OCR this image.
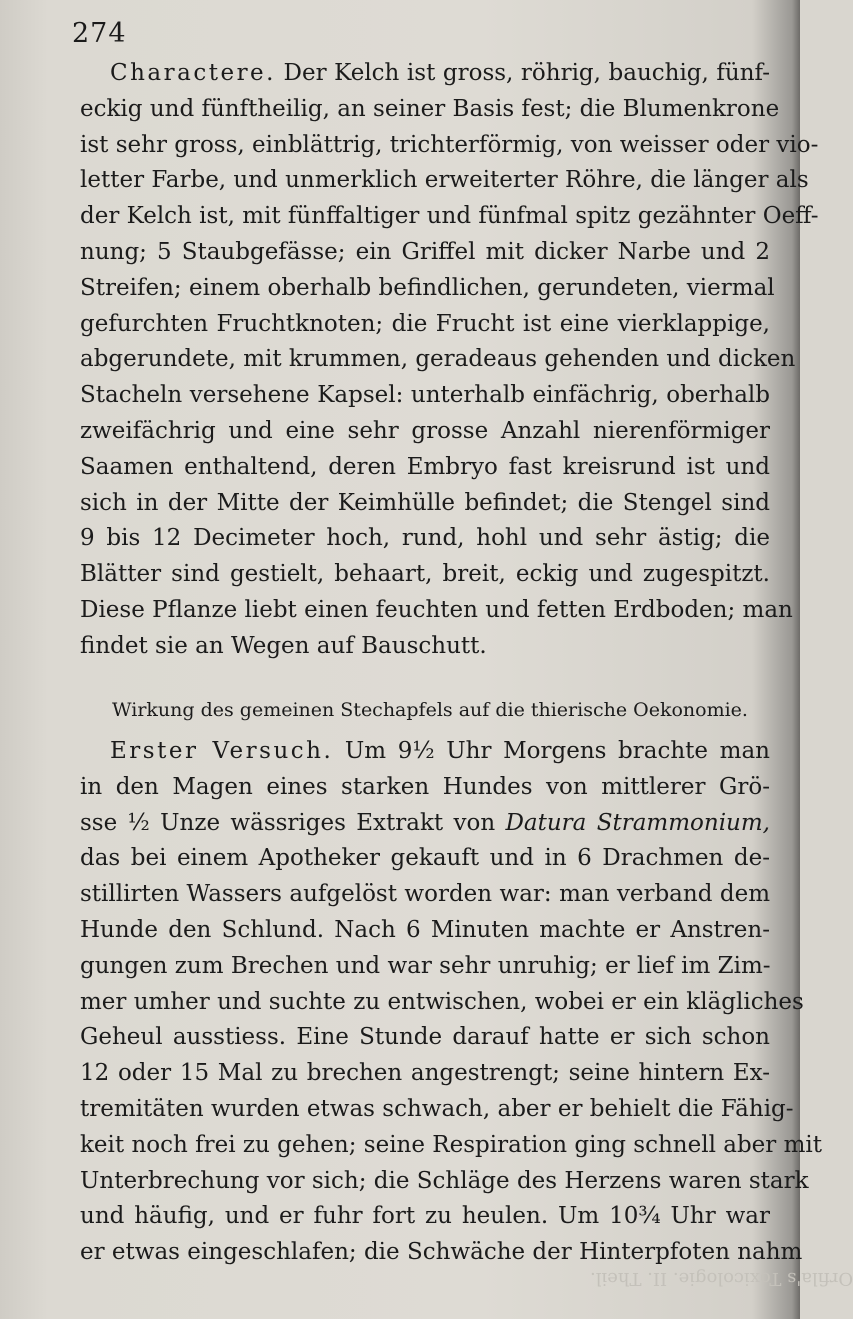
274
Charactere. Der Kelch ist gross, röhrig, bauchig, fünf-
eckig und fünftheilig, an seiner Basis fest; die Blumenkrone
ist sehr gross, einblättrig, trichterförmig, von weisser oder vio-
letter Farbe, und unmerklich erweiterter Röhre, die länger als
der Kelch ist, mit fünffaltiger und fünfmal spitz gezähnter Oeff-
nung; 5 Staubgefässe; ein Griffel mit dicker Narbe und 2
Streifen; einem oberhalb befindlichen, gerundeten, viermal
gefurchten Fruchtknoten; die Frucht ist eine vierklappige,
abgerundete, mit krummen, geradeaus gehenden und dicken
Stacheln versehene Kapsel: unterhalb einfächrig, oberhalb
zweifächrig und eine sehr grosse Anzahl nierenförmiger
Saamen enthaltend, deren Embryo fast kreisrund ist und
sich in der Mitte der Keimhülle befindet; die Stengel sind
9 bis 12 Decimeter hoch, rund, hohl und sehr ästig; die
Blätter sind gestielt, behaart, breit, eckig und zugespitzt.
Diese Pflanze liebt einen feuchten und fetten Erdboden; man
findet sie an Wegen auf Bauschutt.
Wirkung des gemeinen Stechapfels auf die thierische Oekonomie.
Erster Versuch. Um 9½ Uhr Morgens brachte man
in den Magen eines starken Hundes von mittlerer Grö-
sse ½ Unze wässriges Extrakt von Datura Strammonium,
das bei einem Apotheker gekauft und in 6 Drachmen de-
stillirten Wassers aufgelöst worden war: man verband dem
Hunde den Schlund. Nach 6 Minuten machte er Anstren-
gungen zum Brechen und war sehr unruhig; er lief im Zim-
mer umher und suchte zu entwischen, wobei er ein klägliches
Geheul ausstiess. Eine Stunde darauf hatte er sich schon
12 oder 15 Mal zu brechen angestrengt; seine hintern Ex-
tremitäten wurden etwas schwach, aber er behielt die Fähig-
keit noch frei zu gehen; seine Respiration ging schnell aber mit
Unterbrechung vor sich; die Schläge des Herzens waren stark
und häufig, und er fuhr fort zu heulen. Um 10¾ Uhr war
er etwas eingeschlafen; die Schwäche der Hinterpfoten nahm
Orfila's Toxicologie. II. Theil.
